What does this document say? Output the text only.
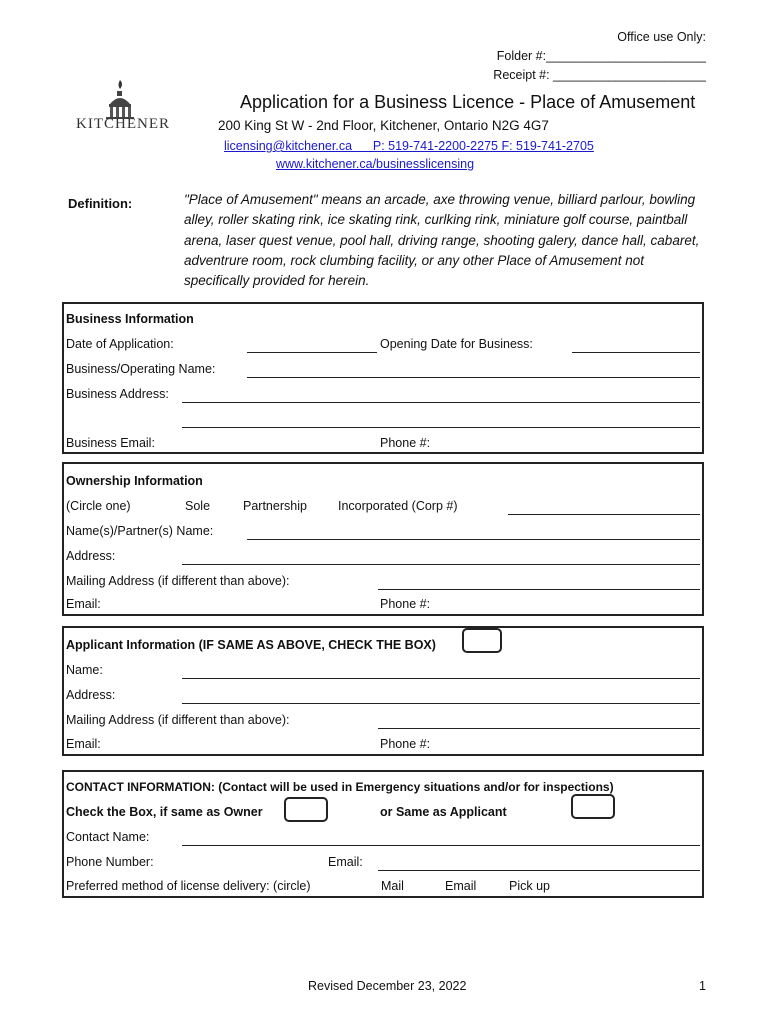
Office use Only:
Folder #:_______________________
Receipt #: ______________________
KITCHENER
Application for a Business Licence - Place of Amusement
200 King St W - 2nd Floor, Kitchener, Ontario N2G 4G7
licensing@kitchener.ca      P: 519-741-2200-2275 F: 519-741-2705
www.kitchener.ca/businesslicensing
Definition:	"Place of Amusement" means an arcade, axe throwing venue, billiard parlour, bowling alley, roller skating rink, ice skating rink, curlking rink, miniature golf course, paintball arena, laser quest venue, pool hall, driving range, shooting galery, dance hall, cabaret, adventrure room, rock clumbing facility, or any other Place of Amusement not specifically provided for herein.
Business Information
Date of Application:	Opening Date for Business:
Business/Operating Name:
Business Address:
Business Email:	Phone #:
Ownership Information
(Circle one)	Sole	Partnership Incorporated (Corp #)
Name(s)/Partner(s) Name:
Address:
Mailing Address (if different than above):
Email:	Phone #:
Applicant Information (IF SAME AS ABOVE, CHECK THE BOX)
Name:
Address:
Mailing Address (if different than above):
Email:	Phone #:
CONTACT INFORMATION: (Contact will be used in Emergency situations and/or for inspections)
Check the Box, if same as Owner	or Same as Applicant
Contact Name:
Phone Number:	Email:
Preferred method of license delivery: (circle)	Mail	Email	Pick up
Revised December 23, 2022	1
